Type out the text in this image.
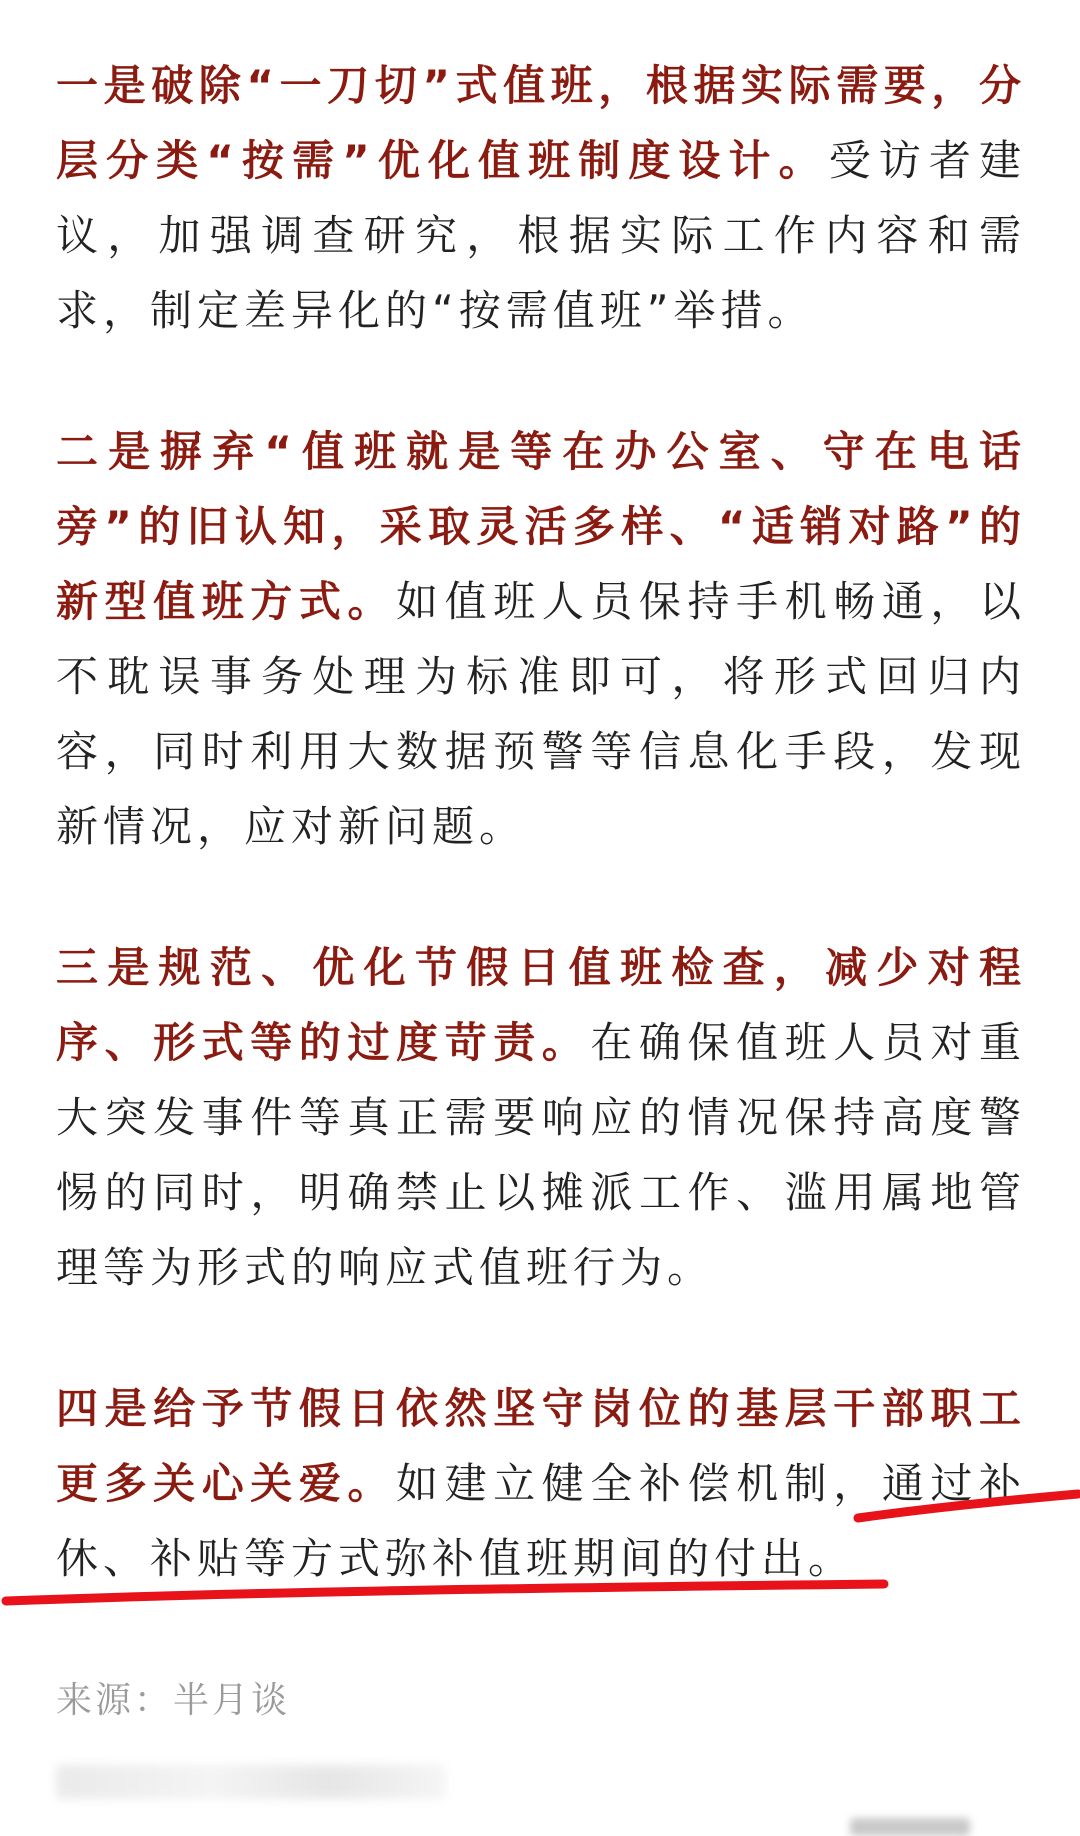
一是破除“一刀切”式值班，根据实际需要，分层分类“按需”优化值班制度设计。受访者建议，加强调查研究，根据实际工作内容和需求，制定差异化的“按需值班”举措。

二是摒弃“值班就是等在办公室、守在电话旁”的旧认知，采取灵活多样、“适销对路”的新型值班方式。如值班人员保持手机畅通，以不耽误事务处理为标准即可，将形式回归内容，同时利用大数据预警等信息化手段，发现新情况，应对新问题。

三是规范、优化节假日值班检查，减少对程序、形式等的过度苛责。在确保值班人员对重大突发事件等真正需要响应的情况保持高度警惕的同时，明确禁止以摊派工作、滥用属地管理等为形式的响应式值班行为。

四是给予节假日依然坚守岗位的基层干部职工更多关心关爱。如建立健全补偿机制，通过补休、补贴等方式弥补值班期间的付出。

来源：半月谈
